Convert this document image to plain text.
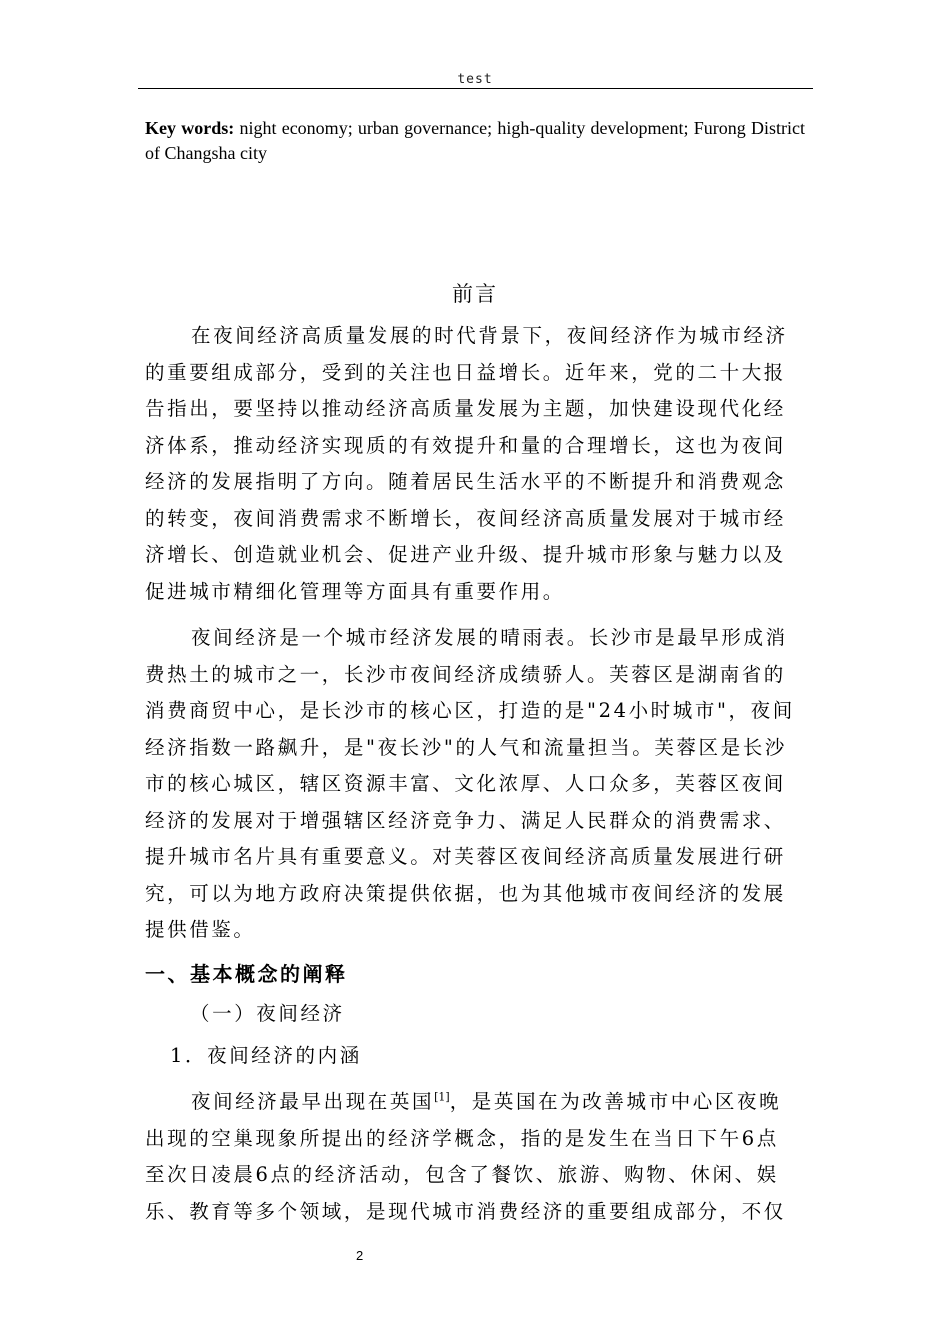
test
Key words: night economy; urban governance; high-quality development; Furong District of Changsha city
前言
在夜间经济高质量发展的时代背景下，夜间经济作为城市经济
的重要组成部分，受到的关注也日益增长。近年来，党的二十大报
告指出，要坚持以推动经济高质量发展为主题，加快建设现代化经
济体系，推动经济实现质的有效提升和量的合理增长，这也为夜间
经济的发展指明了方向。随着居民生活水平的不断提升和消费观念
的转变，夜间消费需求不断增长，夜间经济高质量发展对于城市经
济增长、创造就业机会、促进产业升级、提升城市形象与魅力以及
促进城市精细化管理等方面具有重要作用。
夜间经济是一个城市经济发展的晴雨表。长沙市是最早形成消
费热土的城市之一，长沙市夜间经济成绩骄人。芙蓉区是湖南省的
消费商贸中心，是长沙市的核心区，打造的是"24小时城市"，夜间
经济指数一路飙升，是"夜长沙"的人气和流量担当。芙蓉区是长沙
市的核心城区，辖区资源丰富、文化浓厚、人口众多，芙蓉区夜间
经济的发展对于增强辖区经济竞争力、满足人民群众的消费需求、
提升城市名片具有重要意义。对芙蓉区夜间经济高质量发展进行研
究，可以为地方政府决策提供依据，也为其他城市夜间经济的发展
提供借鉴。
一、基本概念的阐释
（一）夜间经济
1．夜间经济的内涵
夜间经济最早出现在英国[1]，是英国在为改善城市中心区夜晚
出现的空巢现象所提出的经济学概念，指的是发生在当日下午6点
至次日凌晨6点的经济活动，包含了餐饮、旅游、购物、休闲、娱
乐、教育等多个领域，是现代城市消费经济的重要组成部分，不仅
2
